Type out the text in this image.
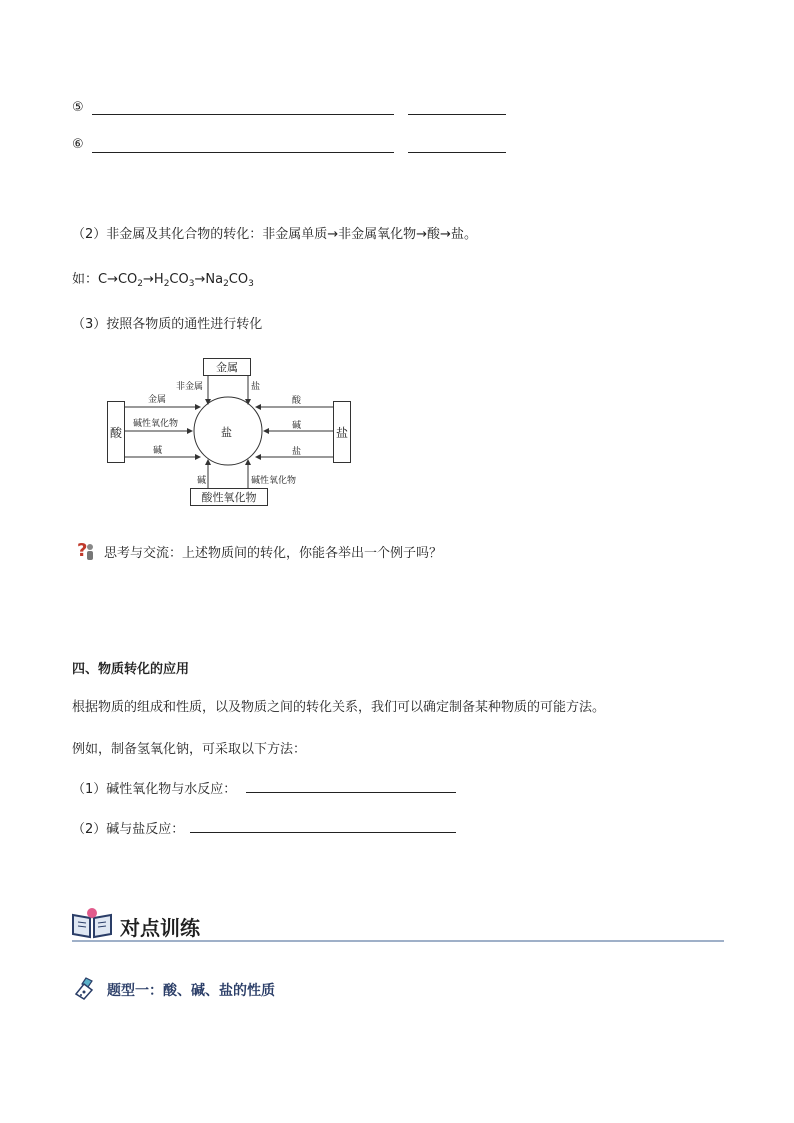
⑤
⑥
（2）非金属及其化合物的转化：非金属单质→非金属氧化物→酸→盐。
如：$C\to CO_2\to H_2CO_3\to Na_2CO_3$
（3）按照各物质的通性进行转化
金属
酸性氧化物
酸	盐
盐
非金属	盐
金属
碱性氧化物
碱
酸
碱
盐
碱	碱性氧化物
? 思考与交流：上述物质间的转化，你能各举出一个例子吗？
四、物质转化的应用
根据物质的组成和性质，以及物质之间的转化关系，我们可以确定制备某种物质的可能方法。
例如，制备氢氧化钠，可采取以下方法：
（1）碱性氧化物与水反应：
（2）碱与盐反应：
对点训练
题型一：酸、碱、盐的性质
